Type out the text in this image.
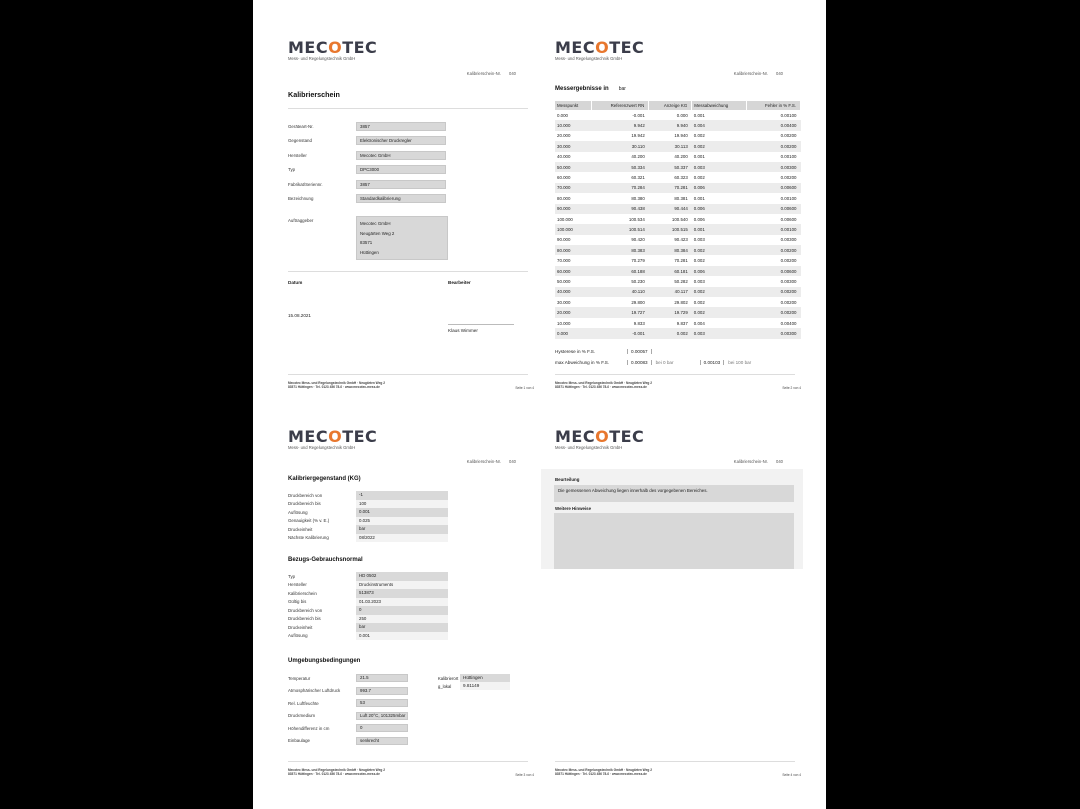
MECOTEC
Mess- und Regelungstechnik GmbH
Kalibrierschein-Nr. 040
Kalibrierschein
Geräteart-Nr.	3857
Gegenstand	Elektronischer Druckregler
Hersteller	Mecotec GmbH
Typ	DPC3000
Fabrikat/Seriennr.	3857
Bezeichnung	Standardkalibrierung
Auftraggeber
Mecotec GmbH
Neugärten Weg 2
83571
Hüttingen
Datum	Bearbeiter
15.08.2021
Klaus Wimmer
Mecotec Mess- und Regelungstechnik GmbH · Neugärten Weg 2
83571 Hüttingen · Tel. 0123 456 78-0 · www.mecotec-mess.de	Seite 1 von 4
MECOTEC
Mess- und Regelungstechnik GmbH
Kalibrierschein-Nr. 040
Messergebnisse in bar
Messpunkt	Referenzwert RN	Anzeige KG	Messabweichung	Fehler in % F.S.
0.000	-0.001	0.000	0.001	0.00100
10.000	9.942	9.940	0.004	0.00400
20.000	19.942	19.940	0.002	0.00200
30.000	30.110	30.113	0.002	0.00200
40.000	40.200	40.200	0.001	0.00100
50.000	50.334	50.337	0.003	0.00300
60.000	60.321	60.323	0.002	0.00200
70.000	70.284	70.281	0.006	0.00600
80.000	80.380	80.381	0.001	0.00100
90.000	90.438	90.444	0.006	0.00600
100.000	100.534	100.540	0.006	0.00600
100.000	100.514	100.515	0.001	0.00100
90.000	90.420	90.423	0.003	0.00300
80.000	80.383	80.384	0.002	0.00200
70.000	70.279	70.281	0.002	0.00200
60.000	60.188	60.181	0.006	0.00600
50.000	50.230	50.282	0.003	0.00300
40.000	40.110	40.117	0.002	0.00200
30.000	29.800	29.802	0.002	0.00200
20.000	19.727	19.729	0.002	0.00200
10.000	9.833	9.837	0.004	0.00400
0.000	-0.001	0.002	0.003	0.00300
Hysterese in % F.S.	0.00057
max Abweichung in % F.S.	0.00083	bei 0 bar	0.00103	bei 100 bar
Mecotec Mess- und Regelungstechnik GmbH · Neugärten Weg 2
83571 Hüttingen · Tel. 0123 456 78-0 · www.mecotec-mess.de	Seite 2 von 4
MECOTEC
Mess- und Regelungstechnik GmbH
Kalibrierschein-Nr. 040
Kalibriergegenstand (KG)
Druckbereich von	-1
Druckbereich bis	100
Auflösung	0.001
Genauigkeit (% v. E.)	0.025
Druckeinheit	bar
Nächste Kalibrierung	08/2022
Bezugs-Gebrauchsnormal
Typ	HD 0502
Hersteller	Druckinstruments
Kalibrierschein	513873
Gültig bis	01.03.2023
Druckbereich von	0
Druckbereich bis	250
Druckeinheit	bar
Auflösung	0.001
Umgebungsbedingungen
Temperatur	21.5
Atmosphärischer Luftdruck	993.7
Rel. Luftfeuchte	53
Druckmedium	Luft 20°C, 101325mbar
Höhendifferenz in cm	0
Einbaulage	senkrecht
Kalibrierort	Hüttingen
g_lokal	9.81149
Mecotec Mess- und Regelungstechnik GmbH · Neugärten Weg 2
83571 Hüttingen · Tel. 0123 456 78-0 · www.mecotec-mess.de	Seite 3 von 4
MECOTEC
Mess- und Regelungstechnik GmbH
Kalibrierschein-Nr. 040
Beurteilung
Die gemessenen Abweichung liegen innerhalb des vorgegebenen Bereiches.
Weitere Hinweise
Mecotec Mess- und Regelungstechnik GmbH · Neugärten Weg 2
83571 Hüttingen · Tel. 0123 456 78-0 · www.mecotec-mess.de	Seite 4 von 4
